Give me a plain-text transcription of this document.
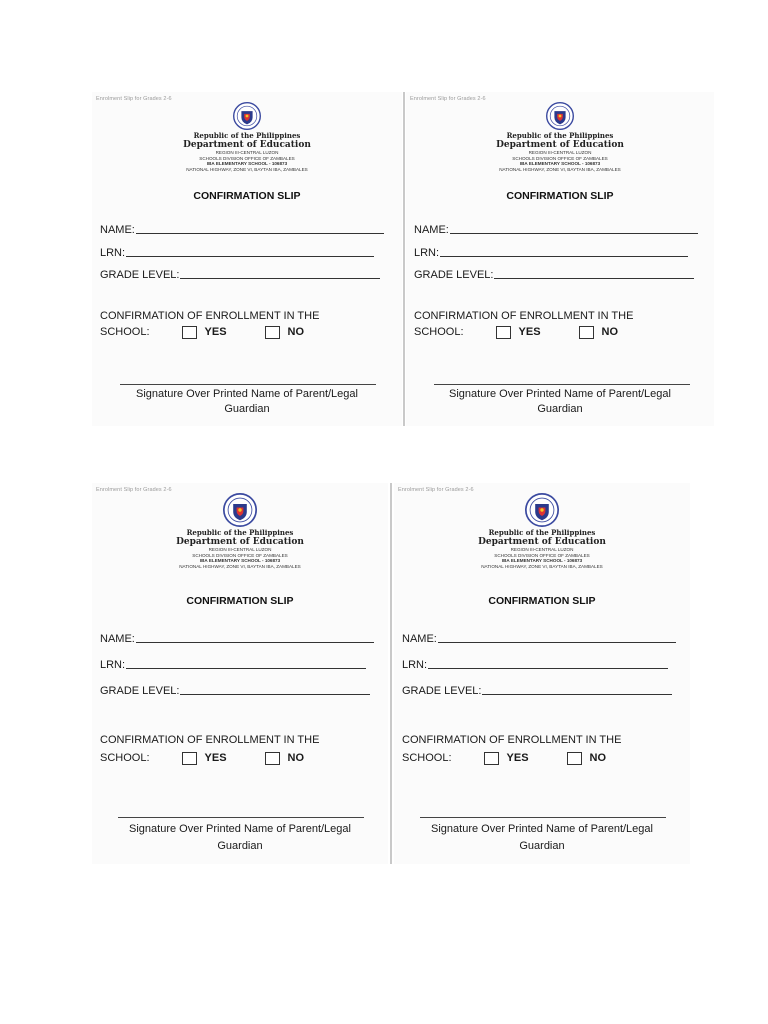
Enrolment Slip for Grades 2-6
Republic of the Philippines
Department of Education
REGION III-CENTRAL LUZON
SCHOOLS DIVISION OFFICE OF ZAMBALES
IBA ELEMENTARY SCHOOL - 106873
NATIONAL HIGHWAY, ZONE VI, BAYTAN IBA, ZAMBALES
CONFIRMATION SLIP
NAME:
LRN:
GRADE LEVEL:
CONFIRMATION OF ENROLLMENT IN THE
SCHOOL:	YES	NO
Signature Over Printed Name of Parent/Legal
Guardian
Enrolment Slip for Grades 2-6
Republic of the Philippines
Department of Education
REGION III-CENTRAL LUZON
SCHOOLS DIVISION OFFICE OF ZAMBALES
IBA ELEMENTARY SCHOOL - 106873
NATIONAL HIGHWAY, ZONE VI, BAYTAN IBA, ZAMBALES
CONFIRMATION SLIP
NAME:
LRN:
GRADE LEVEL:
CONFIRMATION OF ENROLLMENT IN THE
SCHOOL:	YES	NO
Signature Over Printed Name of Parent/Legal
Guardian
Enrolment Slip for Grades 2-6
Republic of the Philippines
Department of Education
REGION III-CENTRAL LUZON
SCHOOLS DIVISION OFFICE OF ZAMBALES
IBA ELEMENTARY SCHOOL - 106873
NATIONAL HIGHWAY, ZONE VI, BAYTAN IBA, ZAMBALES
CONFIRMATION SLIP
NAME:
LRN:
GRADE LEVEL:
CONFIRMATION OF ENROLLMENT IN THE
SCHOOL:	YES	NO
Signature Over Printed Name of Parent/Legal
Guardian
Enrolment Slip for Grades 2-6
Republic of the Philippines
Department of Education
REGION III-CENTRAL LUZON
SCHOOLS DIVISION OFFICE OF ZAMBALES
IBA ELEMENTARY SCHOOL - 106873
NATIONAL HIGHWAY, ZONE VI, BAYTAN IBA, ZAMBALES
CONFIRMATION SLIP
NAME:
LRN:
GRADE LEVEL:
CONFIRMATION OF ENROLLMENT IN THE
SCHOOL:	YES	NO
Signature Over Printed Name of Parent/Legal
Guardian
